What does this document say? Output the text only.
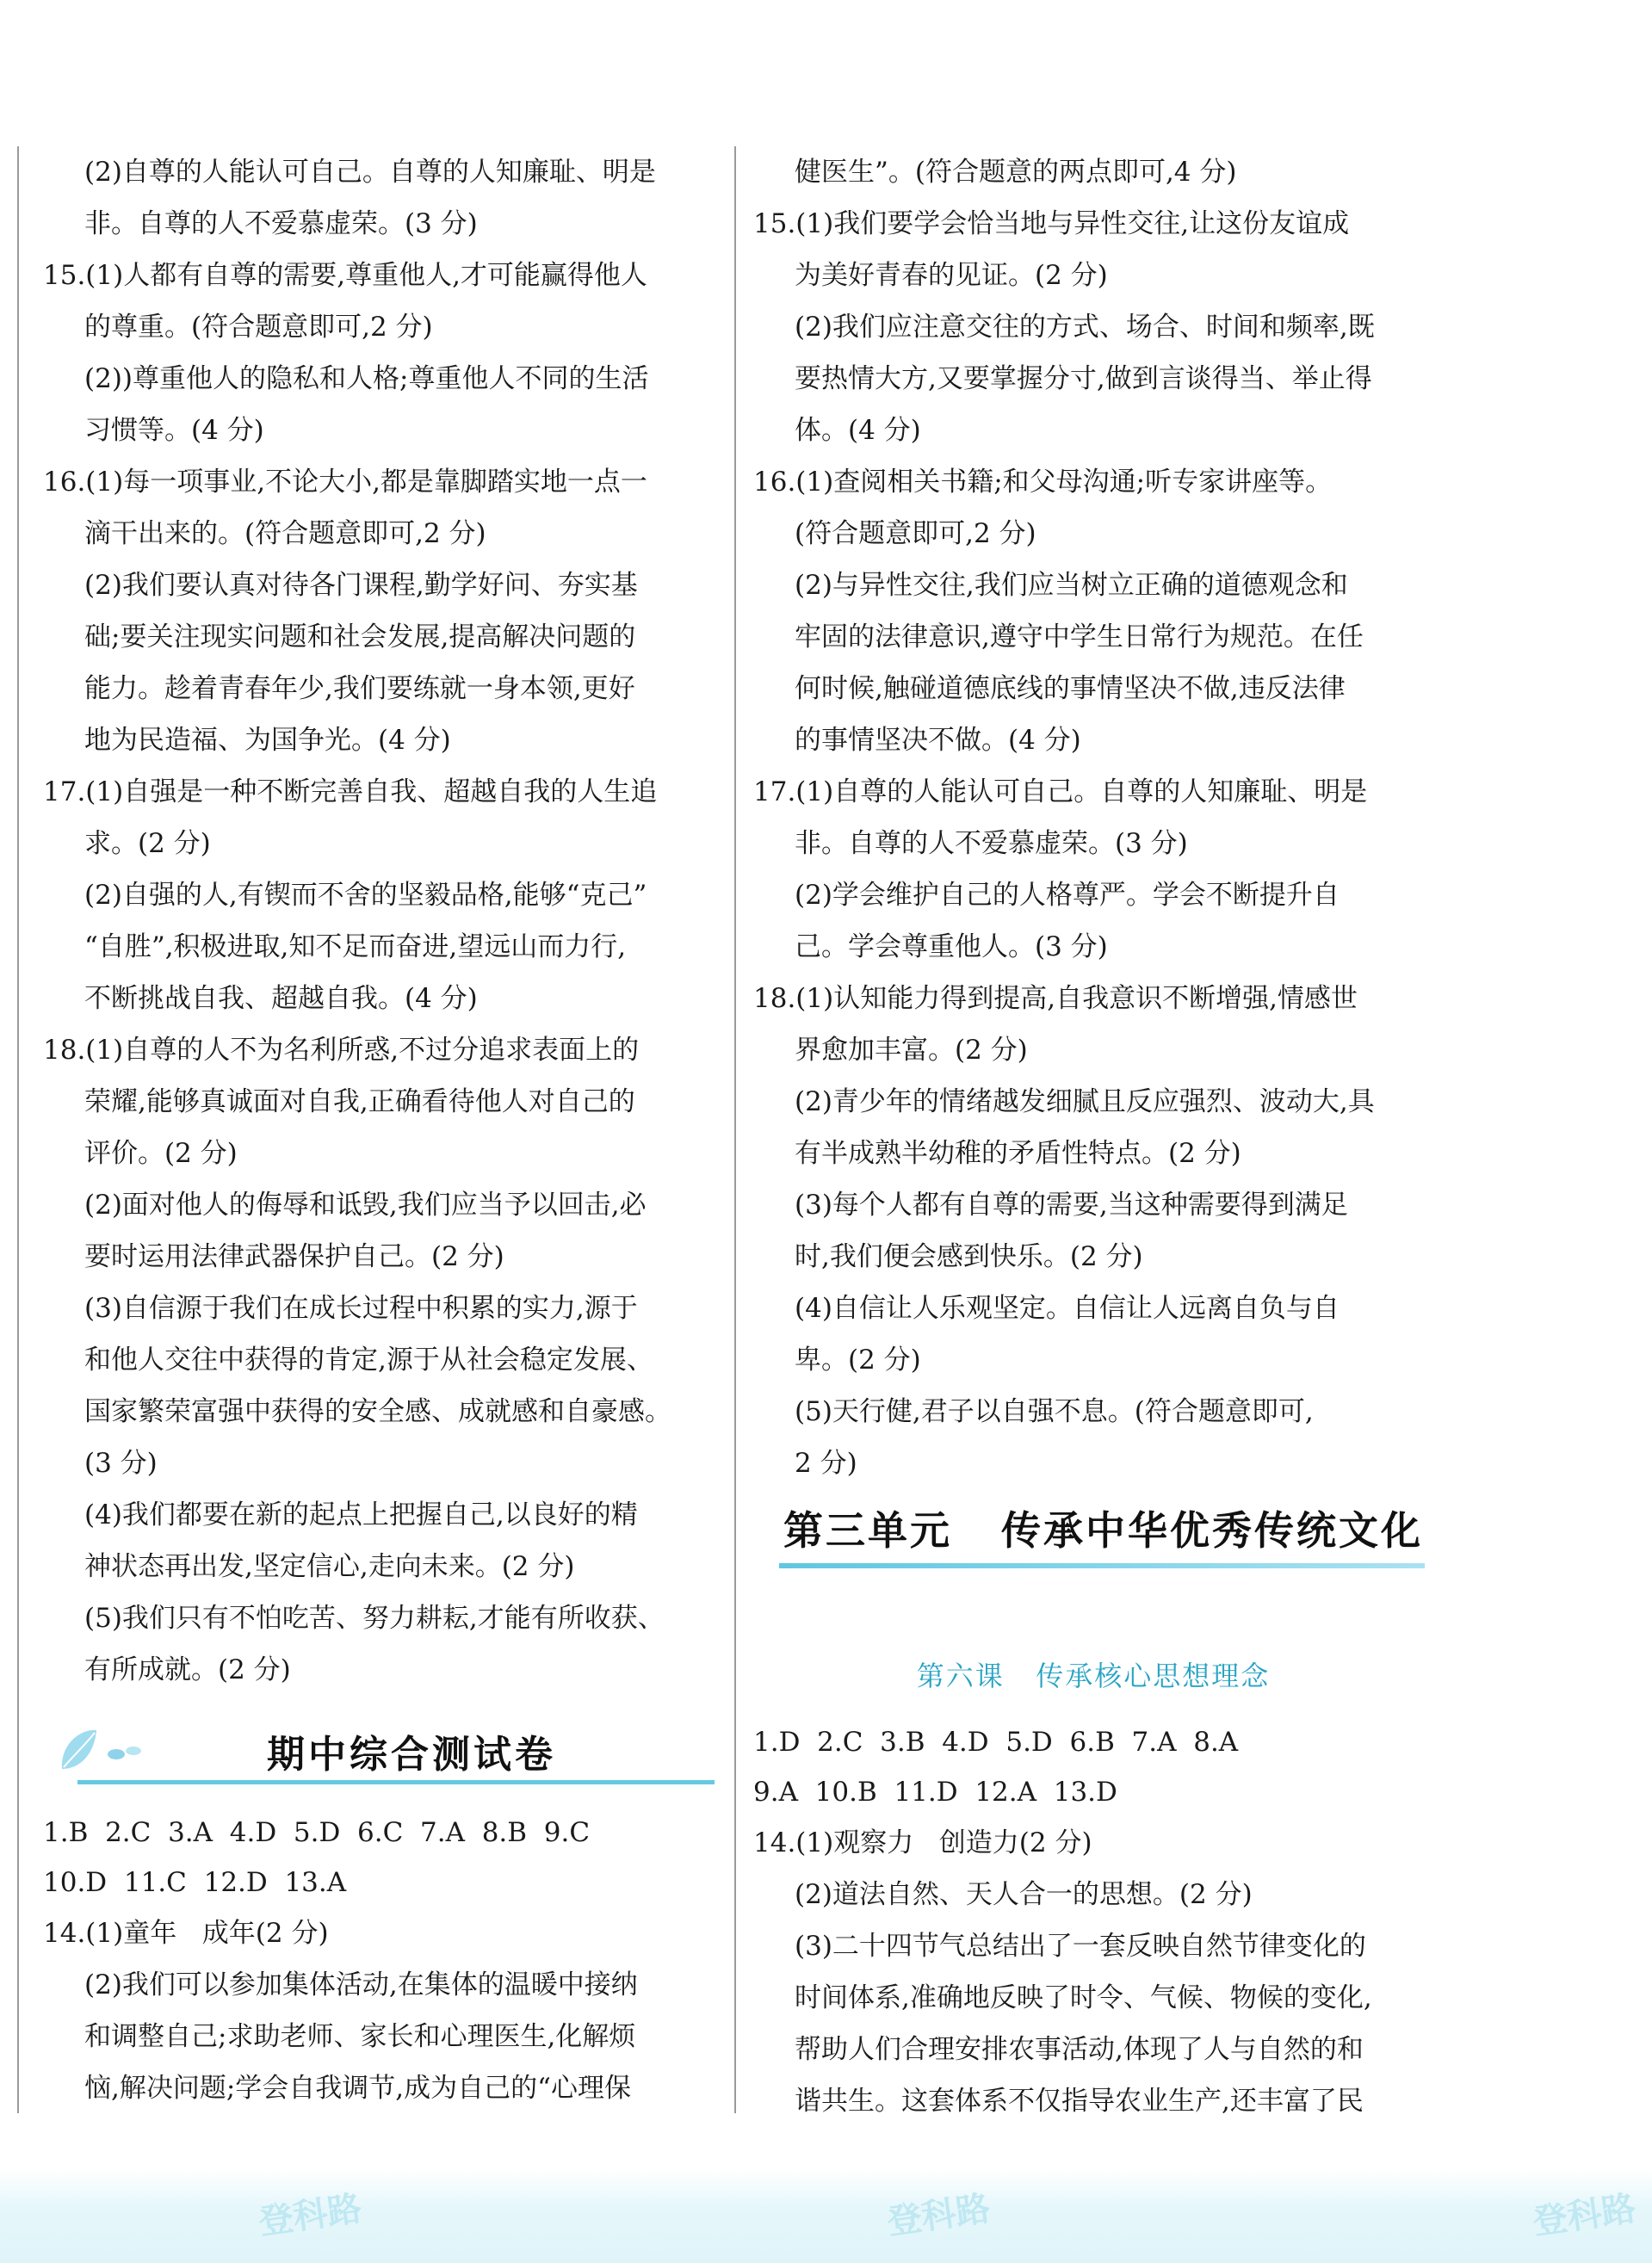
(2)自尊的人能认可自己。自尊的人知廉耻、明是
非。自尊的人不爱慕虚荣。(3 分)
15.(1)人都有自尊的需要,尊重他人,才可能赢得他人
的尊重。(符合题意即可,2 分)
(2))尊重他人的隐私和人格;尊重他人不同的生活
习惯等。(4 分)
16.(1)每一项事业,不论大小,都是靠脚踏实地一点一
滴干出来的。(符合题意即可,2 分)
(2)我们要认真对待各门课程,勤学好问、夯实基
础;要关注现实问题和社会发展,提高解决问题的
能力。趁着青春年少,我们要练就一身本领,更好
地为民造福、为国争光。(4 分)
17.(1)自强是一种不断完善自我、超越自我的人生追
求。(2 分)
(2)自强的人,有锲而不舍的坚毅品格,能够“克己”
“自胜”,积极进取,知不足而奋进,望远山而力行,
不断挑战自我、超越自我。(4 分)
18.(1)自尊的人不为名利所惑,不过分追求表面上的
荣耀,能够真诚面对自我,正确看待他人对自己的
评价。(2 分)
(2)面对他人的侮辱和诋毁,我们应当予以回击,必
要时运用法律武器保护自己。(2 分)
(3)自信源于我们在成长过程中积累的实力,源于
和他人交往中获得的肯定,源于从社会稳定发展、
国家繁荣富强中获得的安全感、成就感和自豪感。
(3 分)
(4)我们都要在新的起点上把握自己,以良好的精
神状态再出发,坚定信心,走向未来。(2 分)
(5)我们只有不怕吃苦、努力耕耘,才能有所收获、
有所成就。(2 分)
期中综合测试卷
1.B  2.C  3.A  4.D  5.D  6.C  7.A  8.B  9.C
10.D  11.C  12.D  13.A
14.(1)童年   成年(2 分)
(2)我们可以参加集体活动,在集体的温暖中接纳
和调整自己;求助老师、家长和心理医生,化解烦
恼,解决问题;学会自我调节,成为自己的“心理保
健医生”。(符合题意的两点即可,4 分)
15.(1)我们要学会恰当地与异性交往,让这份友谊成
为美好青春的见证。(2 分)
(2)我们应注意交往的方式、场合、时间和频率,既
要热情大方,又要掌握分寸,做到言谈得当、举止得
体。(4 分)
16.(1)查阅相关书籍;和父母沟通;听专家讲座等。
(符合题意即可,2 分)
(2)与异性交往,我们应当树立正确的道德观念和
牢固的法律意识,遵守中学生日常行为规范。在任
何时候,触碰道德底线的事情坚决不做,违反法律
的事情坚决不做。(4 分)
17.(1)自尊的人能认可自己。自尊的人知廉耻、明是
非。自尊的人不爱慕虚荣。(3 分)
(2)学会维护自己的人格尊严。学会不断提升自
己。学会尊重他人。(3 分)
18.(1)认知能力得到提高,自我意识不断增强,情感世
界愈加丰富。(2 分)
(2)青少年的情绪越发细腻且反应强烈、波动大,具
有半成熟半幼稚的矛盾性特点。(2 分)
(3)每个人都有自尊的需要,当这种需要得到满足
时,我们便会感到快乐。(2 分)
(4)自信让人乐观坚定。自信让人远离自负与自
卑。(2 分)
(5)天行健,君子以自强不息。(符合题意即可,
2 分)
第三单元   传承中华优秀传统文化
第六课   传承核心思想理念
1.D  2.C  3.B  4.D  5.D  6.B  7.A  8.A
9.A  10.B  11.D  12.A  13.D
14.(1)观察力   创造力(2 分)
(2)道法自然、天人合一的思想。(2 分)
(3)二十四节气总结出了一套反映自然节律变化的
时间体系,准确地反映了时令、气候、物候的变化,
帮助人们合理安排农事活动,体现了人与自然的和
谐共生。这套体系不仅指导农业生产,还丰富了民
登科路	登科路	登科路
